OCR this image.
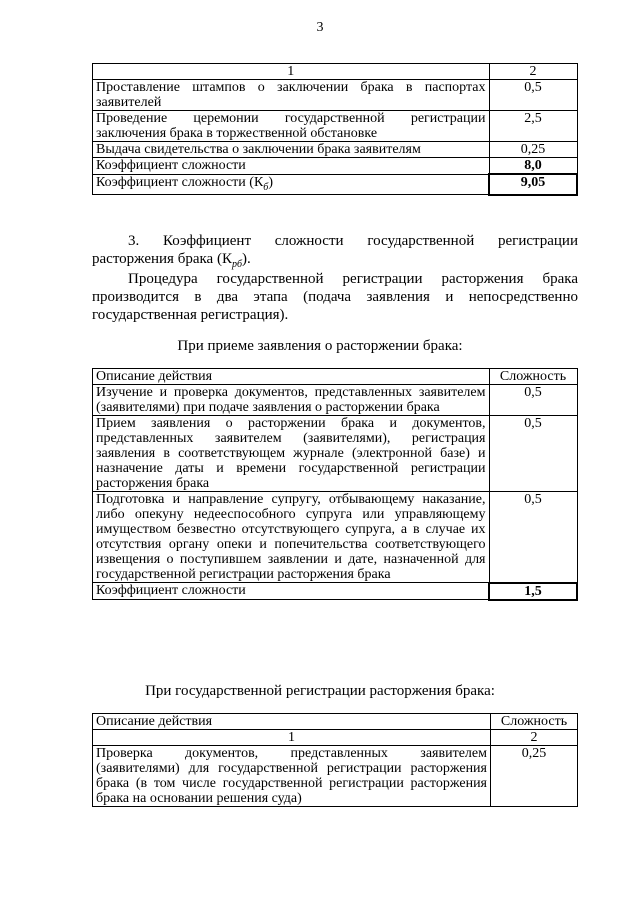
3
1	2
Проставление штампов о заключении брака в паспортах заявителей	0,5
Проведение церемонии государственной регистрации заключения брака в торжественной обстановке	2,5
Выдача свидетельства о заключении брака заявителям	0,25
Коэффициент сложности	8,0
Коэффициент сложности $(К_б)$	9,05
3. Коэффициент сложности государственной регистрации расторжения брака $(К_{рб})$.
Процедура государственной регистрации расторжения брака производится в два этапа (подача заявления и непосредственно государственная регистрация).
При приеме заявления о расторжении брака:
Описание действия	Сложность
Изучение и проверка документов, представленных заявителем (заявителями) при подаче заявления о расторжении брака	0,5
Прием заявления о расторжении брака и документов, представленных заявителем (заявителями), регистрация заявления в соответствующем журнале (электронной базе) и назначение даты и времени государственной регистрации расторжения брака	0,5
Подготовка и направление супругу, отбывающему наказание, либо опекуну недееспособного супруга или управляющему имуществом безвестно отсутствующего супруга, а в случае их отсутствия органу опеки и попечительства соответствующего извещения о поступившем заявлении и дате, назначенной для государственной регистрации расторжения брака	0,5
Коэффициент сложности	1,5
При государственной регистрации расторжения брака:
Описание действия	Сложность
1	2
Проверка документов, представленных заявителем (заявителями) для государственной регистрации расторжения брака (в том числе государственной регистрации расторжения брака на основании решения суда)	0,25
